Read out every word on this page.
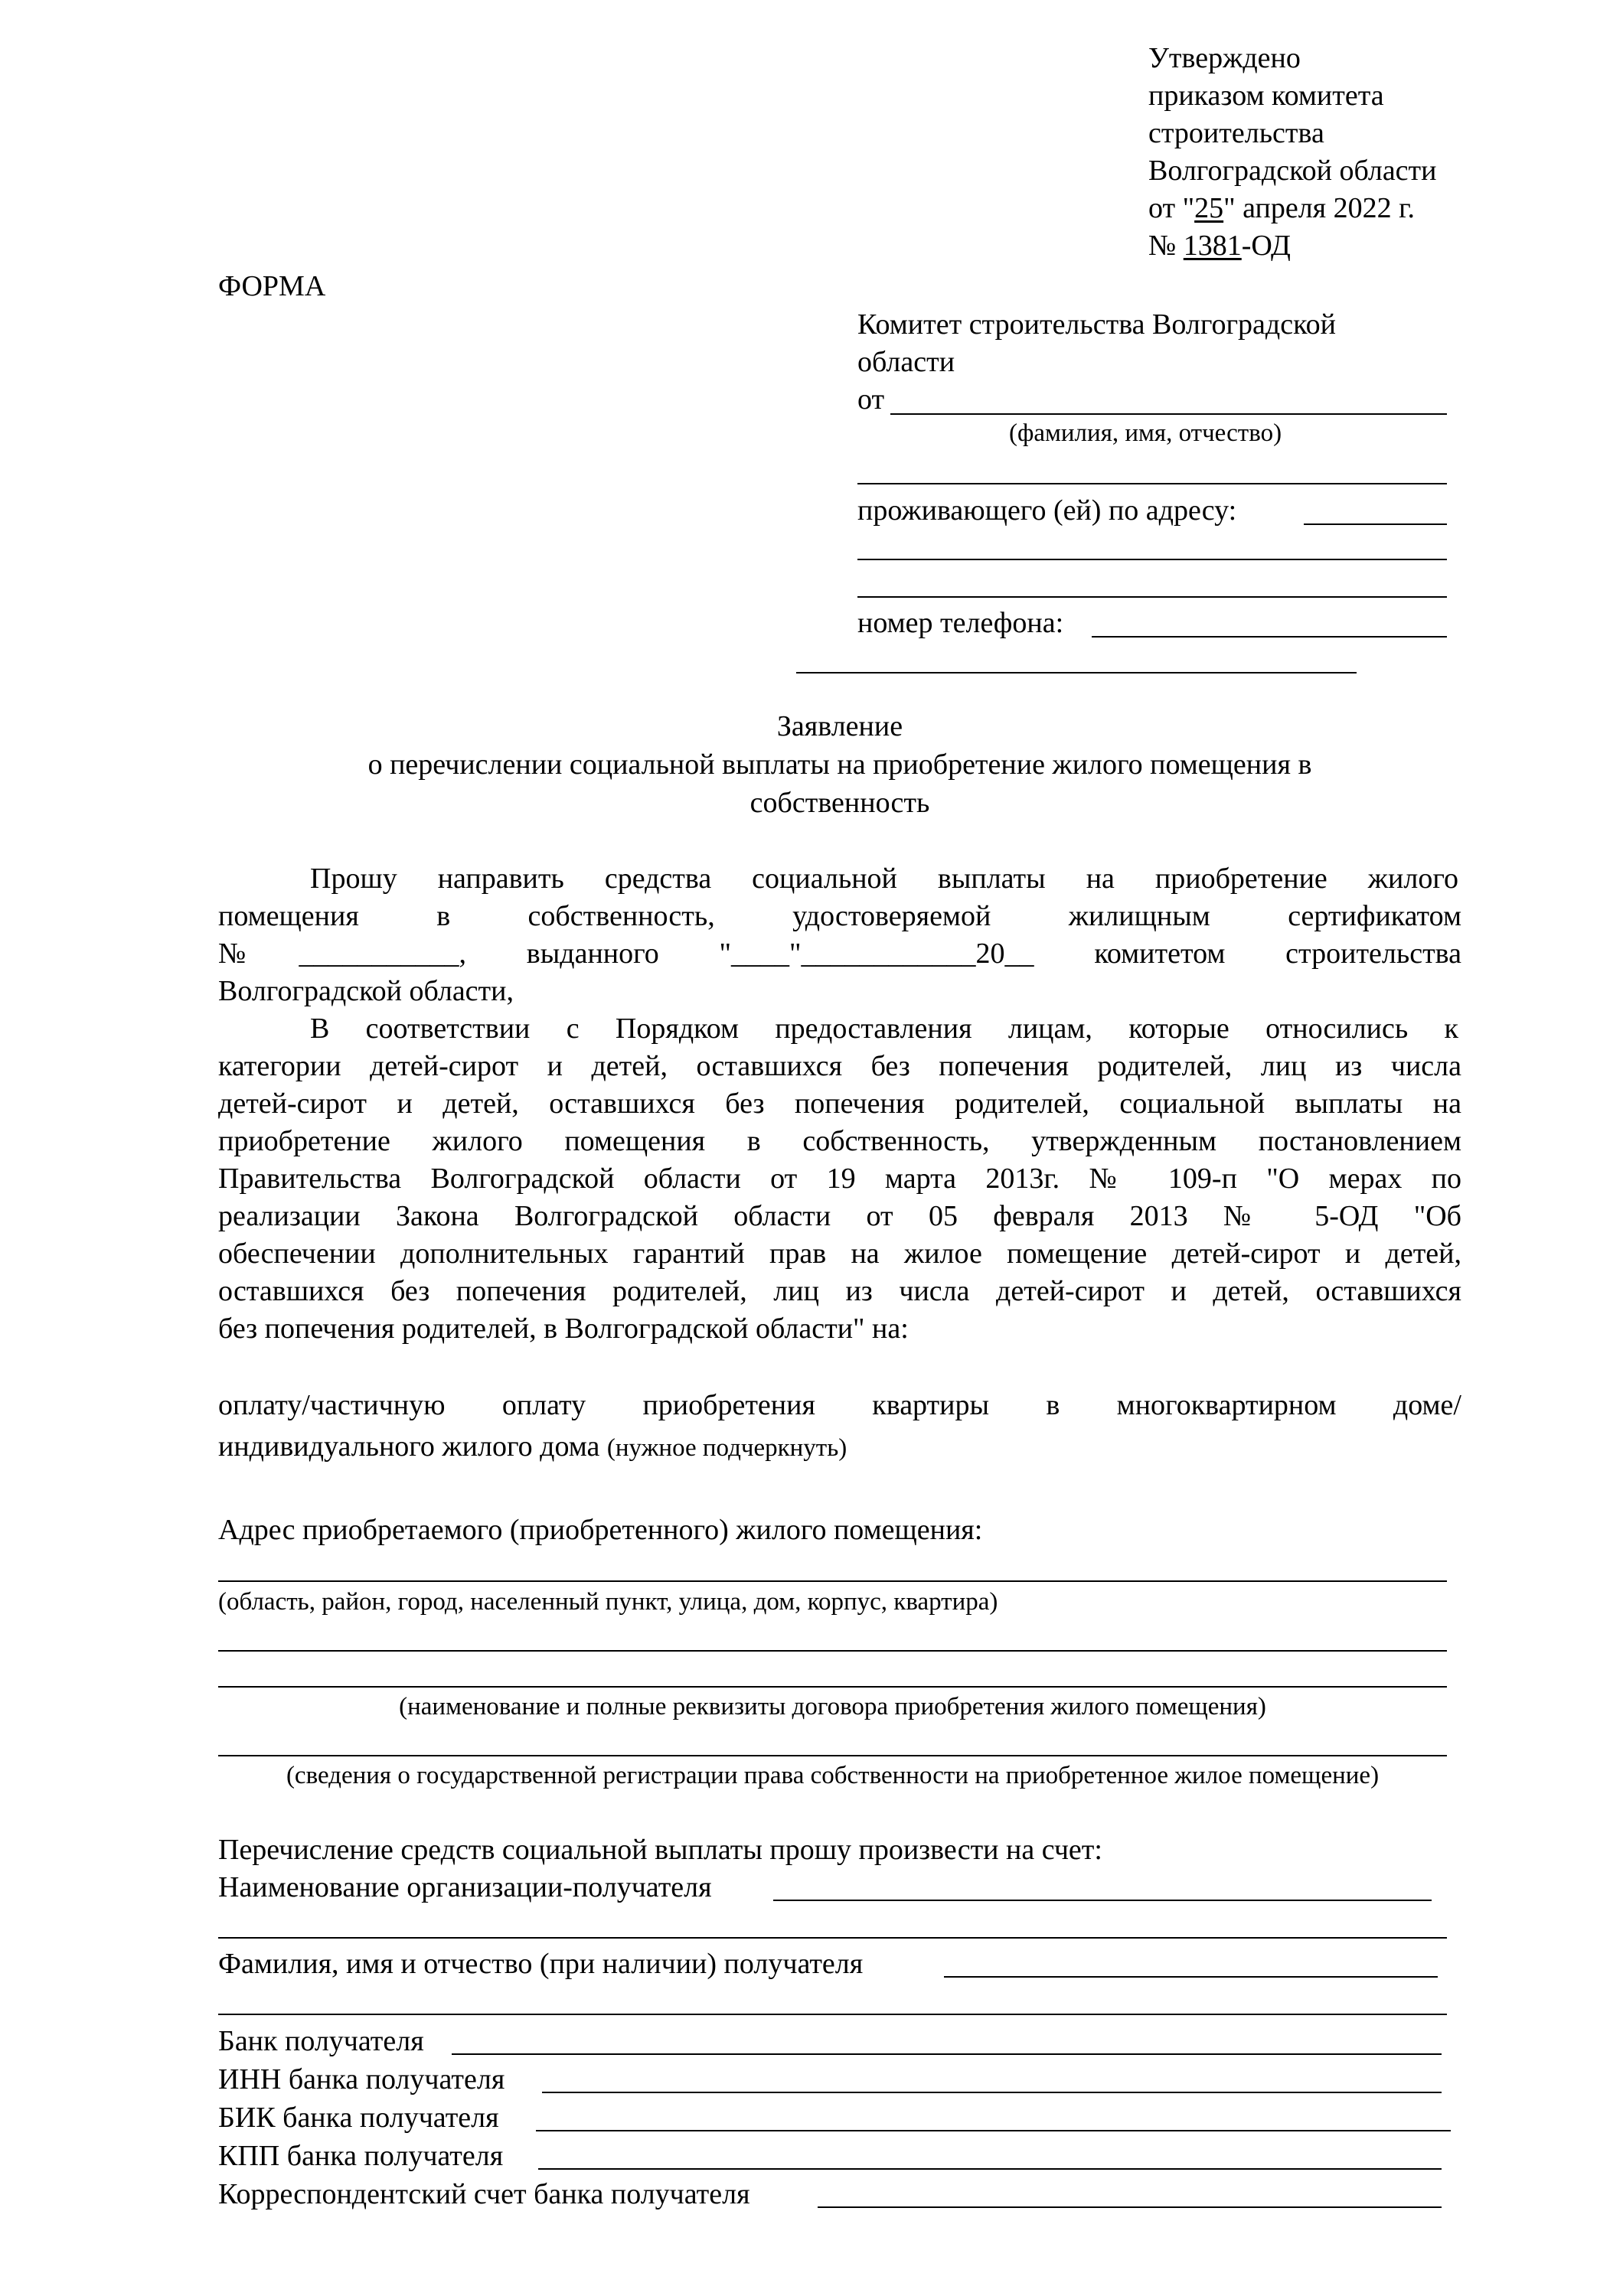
Утверждено
приказом комитета
строительства
Волгоградской области
от "25" апреля 2022 г.
№ 1381-ОД
ФОРМА
Комитет строительства Волгоградской
области
от
(фамилия, имя, отчество)
проживающего (ей) по адресу:
номер телефона:
Заявление
о перечислении социальной выплаты на приобретение жилого помещения в
собственность
Прошу направить средства социальной выплаты на приобретение жилого
помещения в собственность, удостоверяемой жилищным сертификатом
№___________, выданного "____"____________20__ комитетом строительства
Волгоградской области,
В соответствии с Порядком предоставления лицам, которые относились к
категории детей-сирот и детей, оставшихся без попечения родителей, лиц из числа
детей-сирот и детей, оставшихся без попечения родителей, социальной выплаты на
приобретение жилого помещения в собственность, утвержденным постановлением
Правительства Волгоградской области от 19 марта 2013г. № 109-п "О мерах по
реализации Закона Волгоградской области от 05 февраля 2013 № 5-ОД "Об
обеспечении дополнительных гарантий прав на жилое помещение детей-сирот и детей,
оставшихся без попечения родителей, лиц из числа детей-сирот и детей, оставшихся
без попечения родителей, в Волгоградской области" на:
оплату/частичную оплату приобретения квартиры в многоквартирном доме/
индивидуального жилого дома (нужное подчеркнуть)
Адрес приобретаемого (приобретенного) жилого помещения:
(область, район, город, населенный пункт, улица, дом, корпус, квартира)
(наименование и полные реквизиты договора приобретения жилого помещения)
(сведения о государственной регистрации права собственности на приобретенное жилое помещение)
Перечисление средств социальной выплаты прошу произвести на счет:
Наименование организации-получателя
Фамилия, имя и отчество (при наличии) получателя
Банк получателя
ИНН банка получателя
БИК банка получателя
КПП банка получателя
Корреспондентский счет банка получателя
